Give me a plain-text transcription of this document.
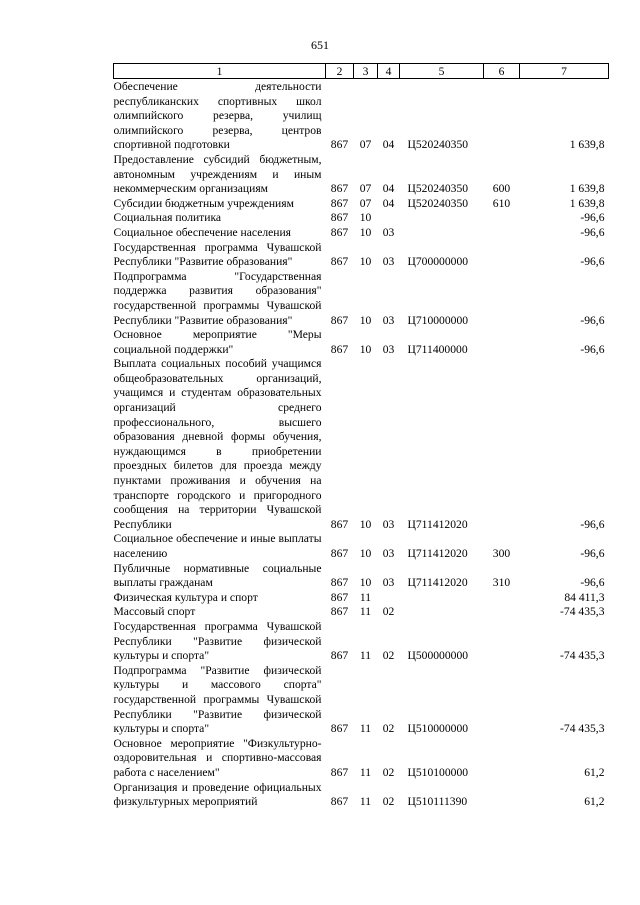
651
1	2	3	4	5	6	7
Обеспечение деятельности республиканских спортивных школ олимпийского резерва, училищ олимпийского резерва, центров спортивной подготовки	867	07	04	Ц520240350		1 639,8
Предоставление субсидий бюджетным, автономным учреждениям и иным некоммерческим организациям	867	07	04	Ц520240350	600	1 639,8
Субсидии бюджетным учреждениям	867	07	04	Ц520240350	610	1 639,8
Социальная политика	867	10				-96,6
Социальное обеспечение населения	867	10	03			-96,6
Государственная программа Чувашской Республики "Развитие образования"	867	10	03	Ц700000000		-96,6
Подпрограмма "Государственная поддержка развития образования" государственной программы Чувашской Республики "Развитие образования"	867	10	03	Ц710000000		-96,6
Основное мероприятие "Меры социальной поддержки"	867	10	03	Ц711400000		-96,6
Выплата социальных пособий учащимся общеобразовательных организаций, учащимся и студентам образовательных организаций среднего профессионального, высшего образования дневной формы обучения, нуждающимся в приобретении проездных билетов для проезда между пунктами проживания и обучения на транспорте городского и пригородного сообщения на территории Чувашской Республики	867	10	03	Ц711412020		-96,6
Социальное обеспечение и иные выплаты населению	867	10	03	Ц711412020	300	-96,6
Публичные нормативные социальные выплаты гражданам	867	10	03	Ц711412020	310	-96,6
Физическая культура и спорт	867	11				84 411,3
Массовый спорт	867	11	02			-74 435,3
Государственная программа Чувашской Республики "Развитие физической культуры и спорта"	867	11	02	Ц500000000		-74 435,3
Подпрограмма "Развитие физической культуры и массового спорта" государственной программы Чувашской Республики "Развитие физической культуры и спорта"	867	11	02	Ц510000000		-74 435,3
Основное мероприятие "Физкультурно-оздоровительная и спортивно-массовая работа с населением"	867	11	02	Ц510100000		61,2
Организация и проведение официальных физкультурных мероприятий	867	11	02	Ц510111390		61,2
